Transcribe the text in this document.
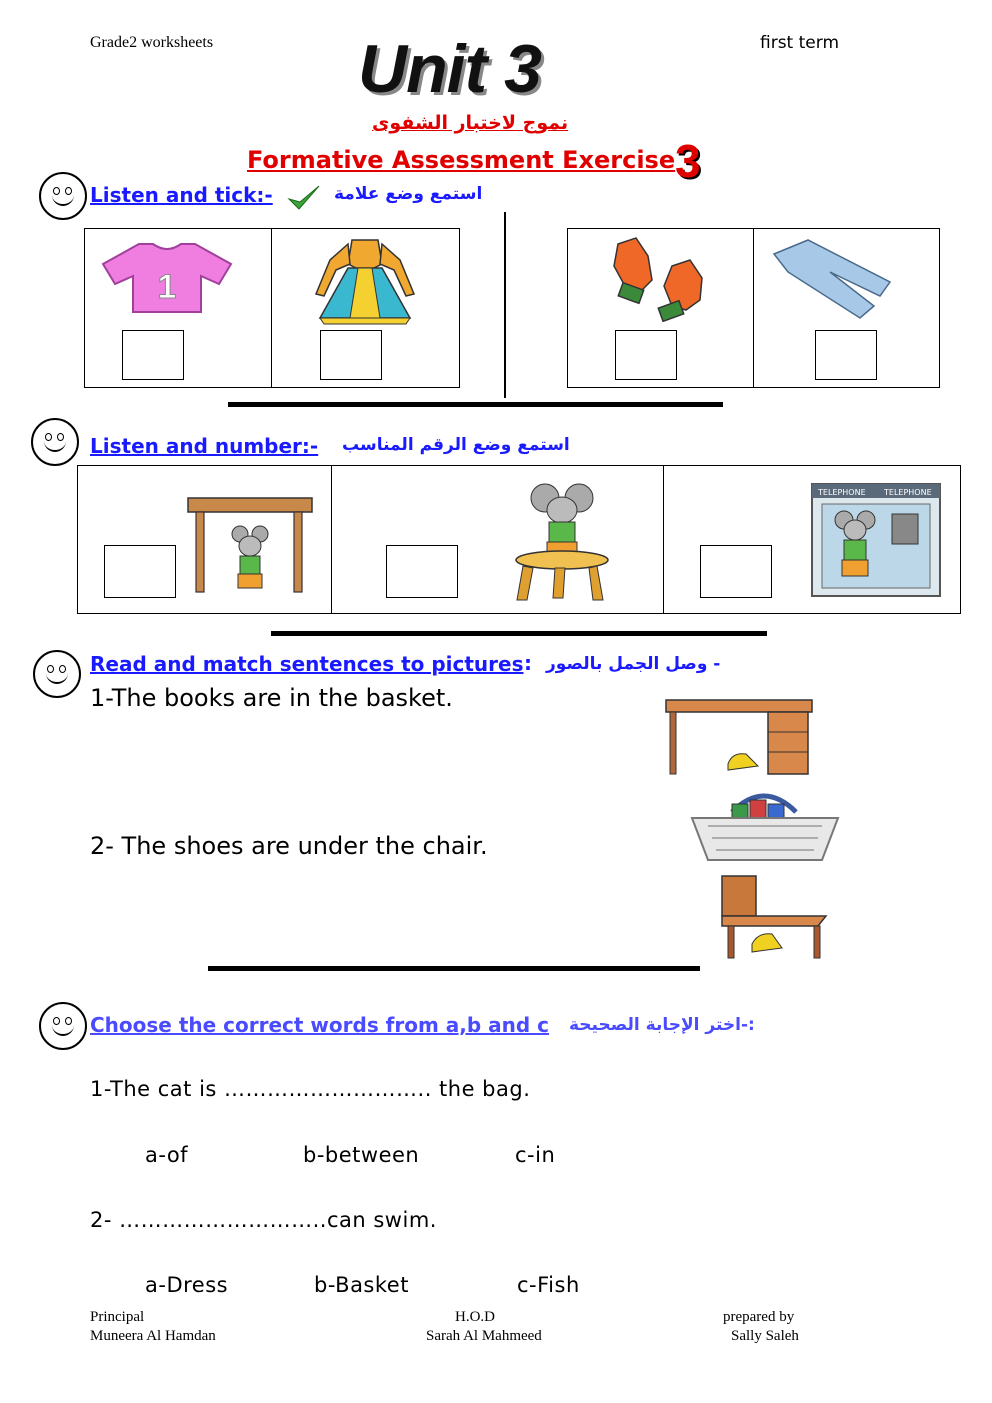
Grade2 worksheets	first term
Unit 3
نموج لاختبار الشفوى
Formative Assessment Exercise 3
Listen and tick:-	استمع وضع علامة
1
Listen and number:- استمع وضع الرقم المناسب
TELEPHONE TELEPHONE
Read and match sentences to pictures : - وصل الجمل بالصور
1-The books are in the basket.
2- The shoes are under the chair.
Choose the correct words from a,b and c :-اختر الإجابة الصحيحة
1-The cat is ……………………….. the bag.
a-of	b-between	c-in
2- ………………………..can swim.
a-Dress	b-Basket	c-Fish
Principal
Muneera Al Hamdan
H.O.D
Sarah Al Mahmeed
prepared by
Sally Saleh
